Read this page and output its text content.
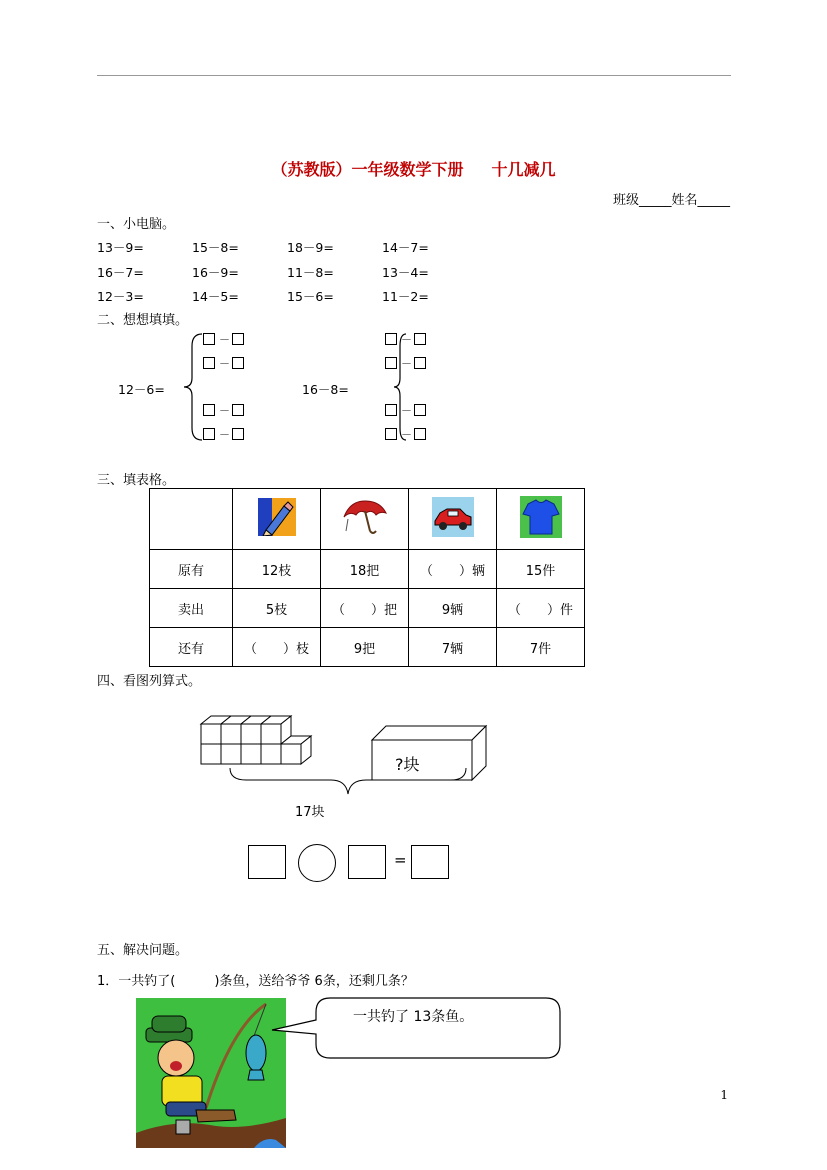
（苏教版）一年级数学下册 十几减几
班级_____姓名_____
一、小电脑。
13－9=	15－8=	18－9=	14－7=
16－7=	16－9=	11－8=	13－4=
12－3=	14－5=	15－6=	11－2=
二、想想填填。
12－6=	16－8=
－
－
－
－
－
－
－
－
三、填表格。

原有	12枝	18把	（　　）辆	15件
卖出	5枝	（　　）把	9辆	（　　）件
还有	（　　）枝	9把	7辆	7件
四、看图列算式。
?块
17块
=
五、解决问题。
1．一共钓了(　　　)条鱼，送给爷爷 6条，还剩几条？
一共钓了 13条鱼。
1
